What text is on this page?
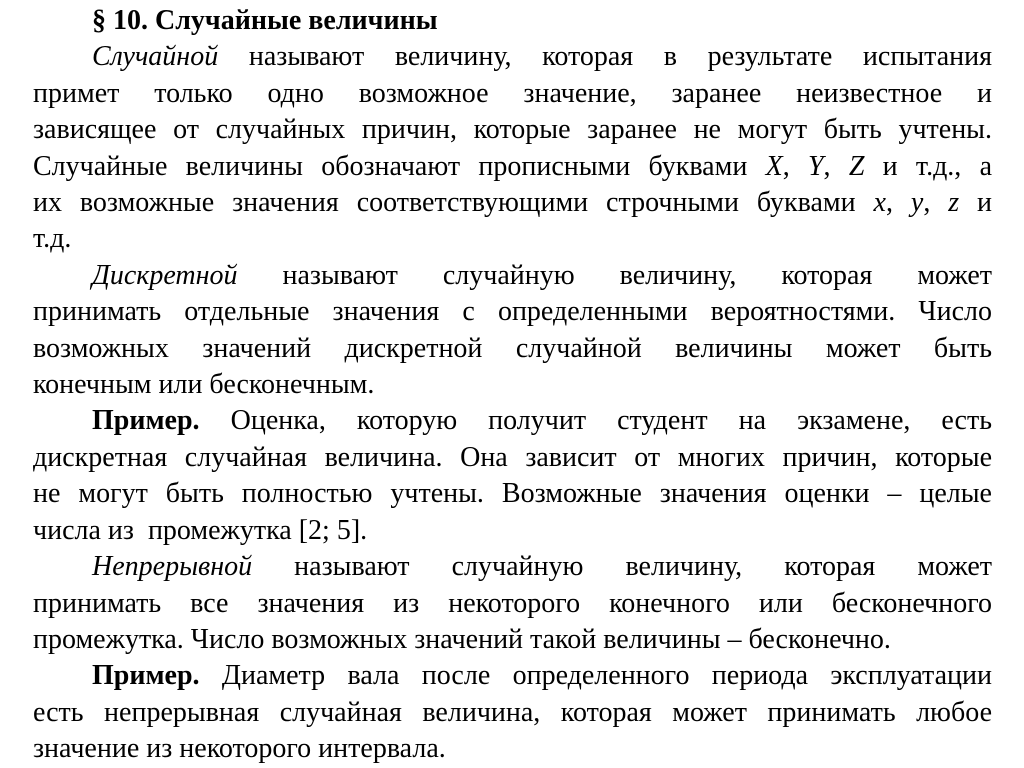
§ 10. Случайные величины
Случайной называют величину, которая в результате испытания
примет только одно возможное значение, заранее неизвестное и
зависящее от случайных причин, которые заранее не могут быть учтены.
Случайные величины обозначают прописными буквами X, Y, Z и т.д., а
их возможные значения соответствующими строчными буквами x, y, z и
т.д.
Дискретной называют случайную величину, которая может
принимать отдельные значения с определенными вероятностями. Число
возможных значений дискретной случайной величины может быть
конечным или бесконечным.
Пример. Оценка, которую получит студент на экзамене, есть
дискретная случайная величина. Она зависит от многих причин, которые
не могут быть полностью учтены. Возможные значения оценки – целые
числа из  промежутка [2; 5].
Непрерывной называют случайную величину, которая может
принимать все значения из некоторого конечного или бесконечного
промежутка. Число возможных значений такой величины – бесконечно.
Пример. Диаметр вала после определенного периода эксплуатации
есть непрерывная случайная величина, которая может принимать любое
значение из некоторого интервала.
